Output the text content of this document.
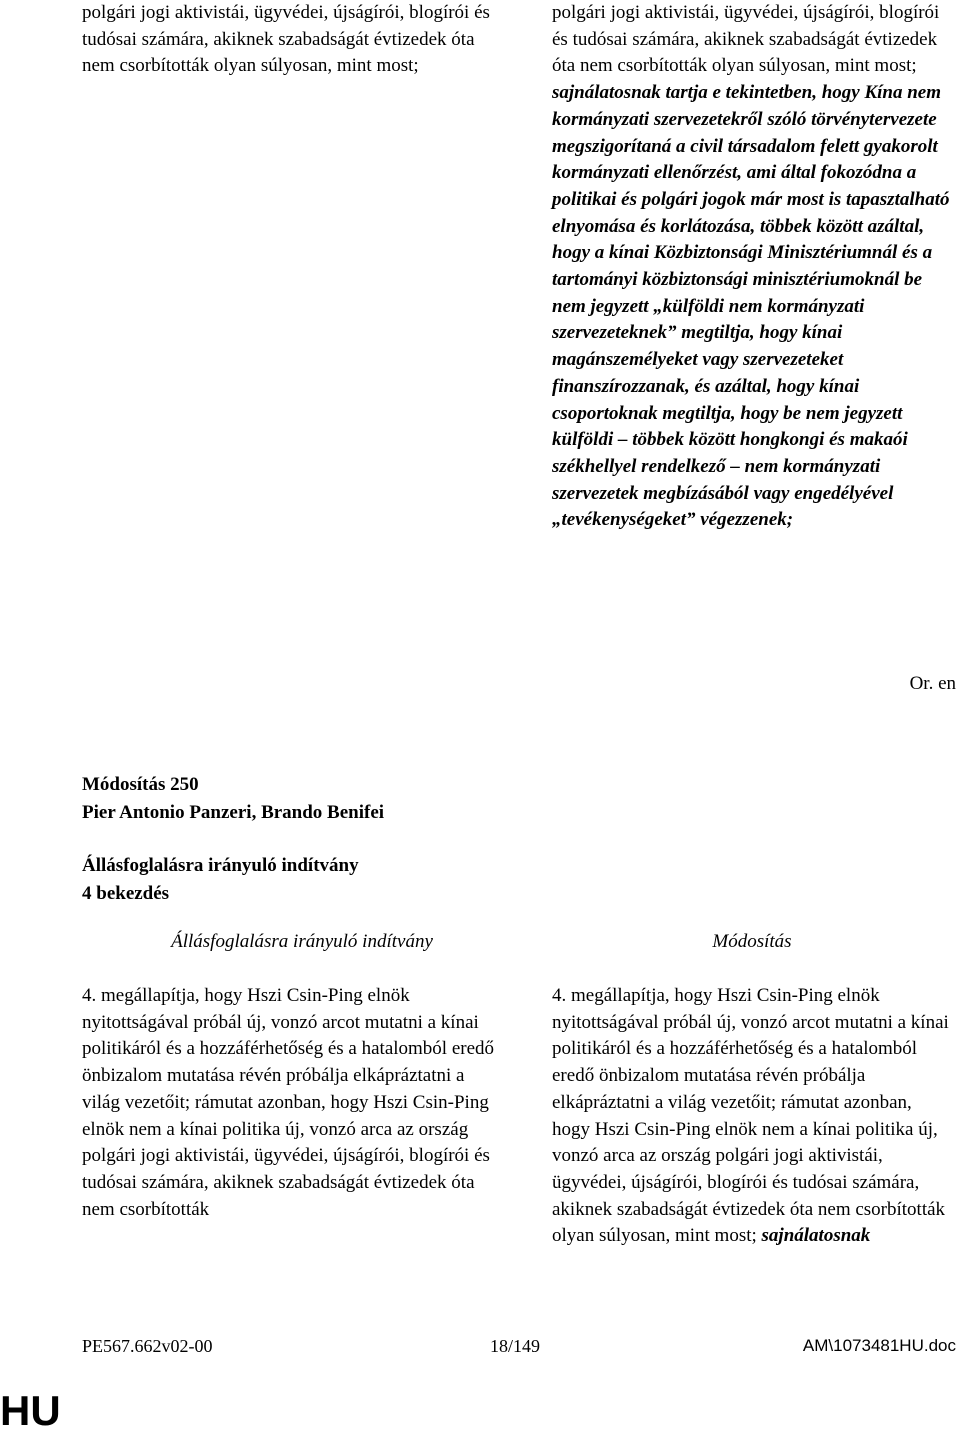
polgári jogi aktivistái, ügyvédei, újságírói, blogírói és tudósai számára, akiknek szabadságát évtizedek óta nem csorbították olyan súlyosan, mint most;
polgári jogi aktivistái, ügyvédei, újságírói, blogírói és tudósai számára, akiknek szabadságát évtizedek óta nem csorbították olyan súlyosan, mint most; sajnálatosnak tartja e tekintetben, hogy Kína nem kormányzati szervezetekről szóló törvénytervezete megszigorítaná a civil társadalom felett gyakorolt kormányzati ellenőrzést, ami által fokozódna a politikai és polgári jogok már most is tapasztalható elnyomása és korlátozása, többek között azáltal, hogy a kínai Közbiztonsági Minisztériumnál és a tartományi közbiztonsági minisztériumoknál be nem jegyzett „külföldi nem kormányzati szervezeteknek” megtiltja, hogy kínai magánszemélyeket vagy szervezeteket finanszírozzanak, és azáltal, hogy kínai csoportoknak megtiltja, hogy be nem jegyzett külföldi – többek között hongkongi és makaói székhellyel rendelkező – nem kormányzati szervezetek megbízásából vagy engedélyével „tevékenységeket” végezzenek;
Or. en
Módosítás 250
Pier Antonio Panzeri, Brando Benifei
Állásfoglalásra irányuló indítvány
4 bekezdés
Állásfoglalásra irányuló indítvány	Módosítás
4. megállapítja, hogy Hszi Csin-Ping elnök nyitottságával próbál új, vonzó arcot mutatni a kínai politikáról és a hozzáférhetőség és a hatalomból eredő önbizalom mutatása révén próbálja elkápráztatni a világ vezetőit; rámutat azonban, hogy Hszi Csin-Ping elnök nem a kínai politika új, vonzó arca az ország polgári jogi aktivistái, ügyvédei, újságírói, blogírói és tudósai számára, akiknek szabadságát évtizedek óta nem csorbították
4. megállapítja, hogy Hszi Csin-Ping elnök nyitottságával próbál új, vonzó arcot mutatni a kínai politikáról és a hozzáférhetőség és a hatalomból eredő önbizalom mutatása révén próbálja elkápráztatni a világ vezetőit; rámutat azonban, hogy Hszi Csin-Ping elnök nem a kínai politika új, vonzó arca az ország polgári jogi aktivistái, ügyvédei, újságírói, blogírói és tudósai számára, akiknek szabadságát évtizedek óta nem csorbították olyan súlyosan, mint most; sajnálatosnak
PE567.662v02-00	18/149	AM\1073481HU.doc
HU
